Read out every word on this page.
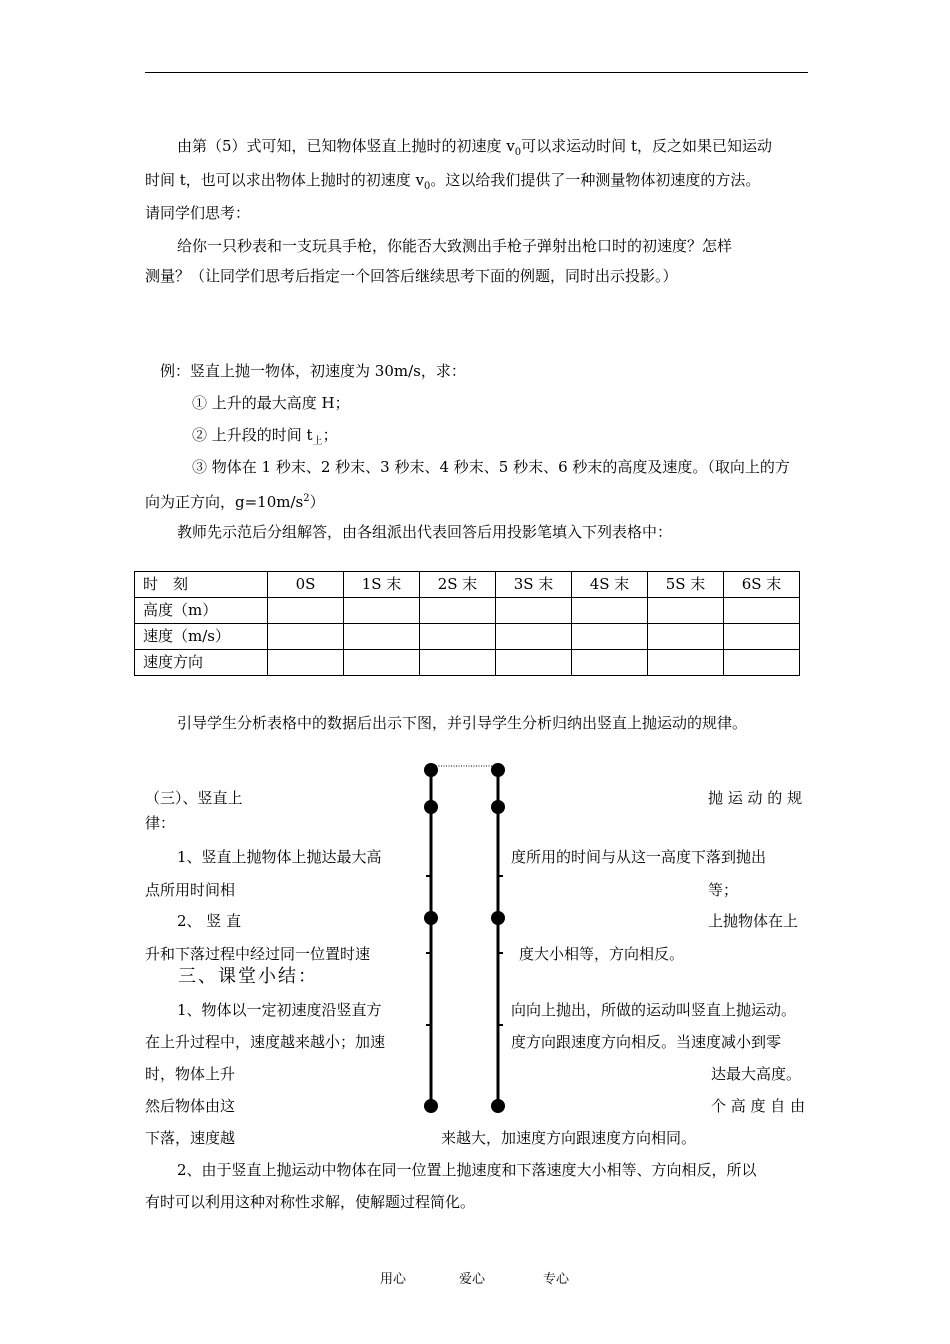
由第（5）式可知，已知物体竖直上抛时的初速度 $v_0$可以求运动时间 t，反之如果已知运动
时间 t，也可以求出物体上抛时的初速度 $v_0$。这以给我们提供了一种测量物体初速度的方法。
请同学们思考：
给你一只秒表和一支玩具手枪，你能否大致测出手枪子弹射出枪口时的初速度？怎样
测量？（让同学们思考后指定一个回答后继续思考下面的例题，同时出示投影。）
例：竖直上抛一物体，初速度为 30m/s，求：
① 上升的最大高度 H；
② 上升段的时间 $t_上$；
③ 物体在 1 秒末、2 秒末、3 秒末、4 秒末、5 秒末、6 秒末的高度及速度。（取向上的方
向为正方向，$g=10m/s^2$）
教师先示范后分组解答，由各组派出代表回答后用投影笔填入下列表格中：
时　刻	0S	1S 末	2S 末	3S 末	4S 末	5S 末	6S 末
高度（m）							
速度（m/s）							
速度方向							
引导学生分析表格中的数据后出示下图，并引导学生分析归纳出竖直上抛运动的规律。
（三）、竖直上	抛 运 动 的 规
律：
1、竖直上抛物体上抛达最大高	度所用的时间与从这一高度下落到抛出
点所用时间相	等；
2、 竖 直	上抛物体在上
升和下落过程中经过同一位置时速	度大小相等，方向相反。
三、课堂小结：
1、物体以一定初速度沿竖直方	向向上抛出，所做的运动叫竖直上抛运动。
在上升过程中，速度越来越小；加速	度方向跟速度方向相反。当速度减小到零
时，物体上升	达最大高度。
然后物体由这	个 高 度 自 由
下落，速度越	来越大，加速度方向跟速度方向相同。
2、由于竖直上抛运动中物体在同一位置上抛速度和下落速度大小相等、方向相反，所以
有时可以利用这种对称性求解，使解题过程简化。
用心	爱心	专心
